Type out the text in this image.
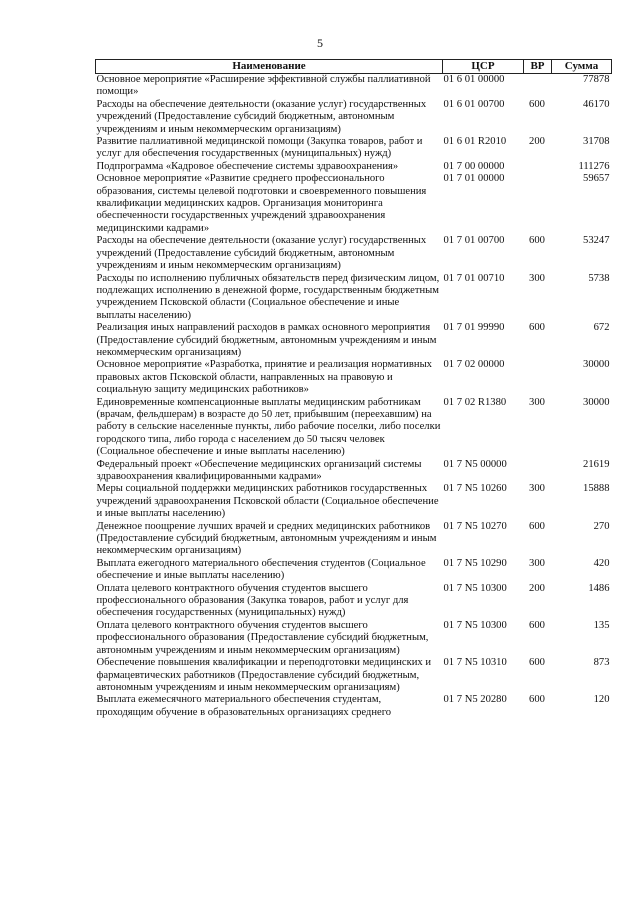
5
Наименование	ЦСР	ВР	Сумма
Основное мероприятие «Расширение эффективной службы паллиативной помощи»	01 6 01 00000		77878
Расходы на обеспечение деятельности (оказание услуг) государственных учреждений (Предоставление субсидий бюджетным, автономным учреждениям и иным некоммерческим организациям)	01 6 01 00700	600	46170
Развитие паллиативной медицинской помощи (Закупка товаров, работ и услуг для обеспечения государственных (муниципальных) нужд)	01 6 01 R2010	200	31708
Подпрограмма «Кадровое обеспечение системы здравоохранения»	01 7 00 00000		111276
Основное мероприятие «Развитие среднего профессионального образования, системы целевой подготовки и своевременного повышения квалификации медицинских кадров. Организация мониторинга обеспеченности государственных учреждений здравоохранения медицинскими кадрами»	01 7 01 00000		59657
Расходы на обеспечение деятельности (оказание услуг) государственных учреждений (Предоставление субсидий бюджетным, автономным учреждениям и иным некоммерческим организациям)	01 7 01 00700	600	53247
Расходы по исполнению публичных обязательств перед физическим лицом, подлежащих исполнению в денежной форме, государственным бюджетным учреждением Псковской области (Социальное обеспечение и иные выплаты населению)	01 7 01 00710	300	5738
Реализация иных направлений расходов в рамках основного мероприятия (Предоставление субсидий бюджетным, автономным учреждениям и иным некоммерческим организациям)	01 7 01 99990	600	672
Основное мероприятие «Разработка, принятие и реализация нормативных правовых актов Псковской области, направленных на правовую и социальную защиту медицинских работников»	01 7 02 00000		30000
Единовременные компенсационные выплаты медицинским работникам (врачам, фельдшерам) в возрасте до 50 лет, прибывшим (переехавшим) на работу в сельские населенные пункты, либо рабочие поселки, либо поселки городского типа, либо города с населением до 50 тысяч человек (Социальное обеспечение и иные выплаты населению)	01 7 02 R1380	300	30000
Федеральный проект «Обеспечение медицинских организаций системы здравоохранения квалифицированными кадрами»	01 7 N5 00000		21619
Меры социальной поддержки медицинских работников государственных учреждений здравоохранения Псковской области (Социальное обеспечение и иные выплаты населению)	01 7 N5 10260	300	15888
Денежное поощрение лучших врачей и средних медицинских работников (Предоставление субсидий бюджетным, автономным учреждениям и иным некоммерческим организациям)	01 7 N5 10270	600	270
Выплата ежегодного материального обеспечения студентов (Социальное обеспечение и иные выплаты населению)	01 7 N5 10290	300	420
Оплата целевого контрактного обучения студентов высшего профессионального образования (Закупка товаров, работ и услуг для обеспечения государственных (муниципальных) нужд)	01 7 N5 10300	200	1486
Оплата целевого контрактного обучения студентов высшего профессионального образования (Предоставление субсидий бюджетным, автономным учреждениям и иным некоммерческим организациям)	01 7 N5 10300	600	135
Обеспечение повышения квалификации и переподготовки медицинских и фармацевтических работников (Предоставление субсидий бюджетным, автономным учреждениям и иным некоммерческим организациям)	01 7 N5 10310	600	873
Выплата ежемесячного материального обеспечения студентам, проходящим обучение в образовательных организациях среднего	01 7 N5 20280	600	120
